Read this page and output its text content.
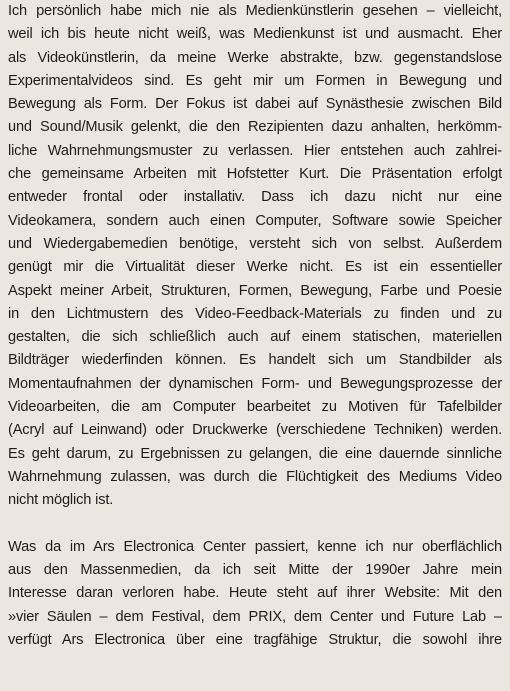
Ich persönlich habe mich nie als Medienkünstlerin gesehen – vielleicht,
weil ich bis heute nicht weiß, was Medienkunst ist und ausmacht. Eher
als Videokünstlerin, da meine Werke abstrakte, bzw. gegenstandslose
Experimentalvideos sind. Es geht mir um Formen in Bewegung und
Bewegung als Form. Der Fokus ist dabei auf Synästhesie zwischen Bild
und Sound/Musik gelenkt, die den Rezipienten dazu anhalten, herkömm-
liche Wahrnehmungsmuster zu verlassen. Hier entstehen auch zahlrei-
che gemeinsame Arbeiten mit Hofstetter Kurt. Die Präsentation erfolgt
entweder frontal oder installativ. Dass ich dazu nicht nur eine
Videokamera, sondern auch einen Computer, Software sowie Speicher
und Wiedergabemedien benötige, versteht sich von selbst. Außerdem
genügt mir die Virtualität dieser Werke nicht. Es ist ein essentieller
Aspekt meiner Arbeit, Strukturen, Formen, Bewegung, Farbe und Poesie
in den Lichtmustern des Video-Feedback-Materials zu finden und zu
gestalten, die sich schließlich auch auf einem statischen, materiellen
Bildträger wiederfinden können. Es handelt sich um Standbilder als
Momentaufnahmen der dynamischen Form- und Bewegungsprozesse der
Videoarbeiten, die am Computer bearbeitet zu Motiven für Tafelbilder
(Acryl auf Leinwand) oder Druckwerke (verschiedene Techniken) werden.
Es geht darum, zu Ergebnissen zu gelangen, die eine dauernde sinnliche
Wahrnehmung zulassen, was durch die Flüchtigkeit des Mediums Video
nicht möglich ist.
Was da im Ars Electronica Center passiert, kenne ich nur oberflächlich
aus den Massenmedien, da ich seit Mitte der 1990er Jahre mein
Interesse daran verloren habe. Heute steht auf ihrer Website: Mit den
»vier Säulen – dem Festival, dem PRIX, dem Center und Future Lab –
verfügt Ars Electronica über eine tragfähige Struktur, die sowohl ihre
